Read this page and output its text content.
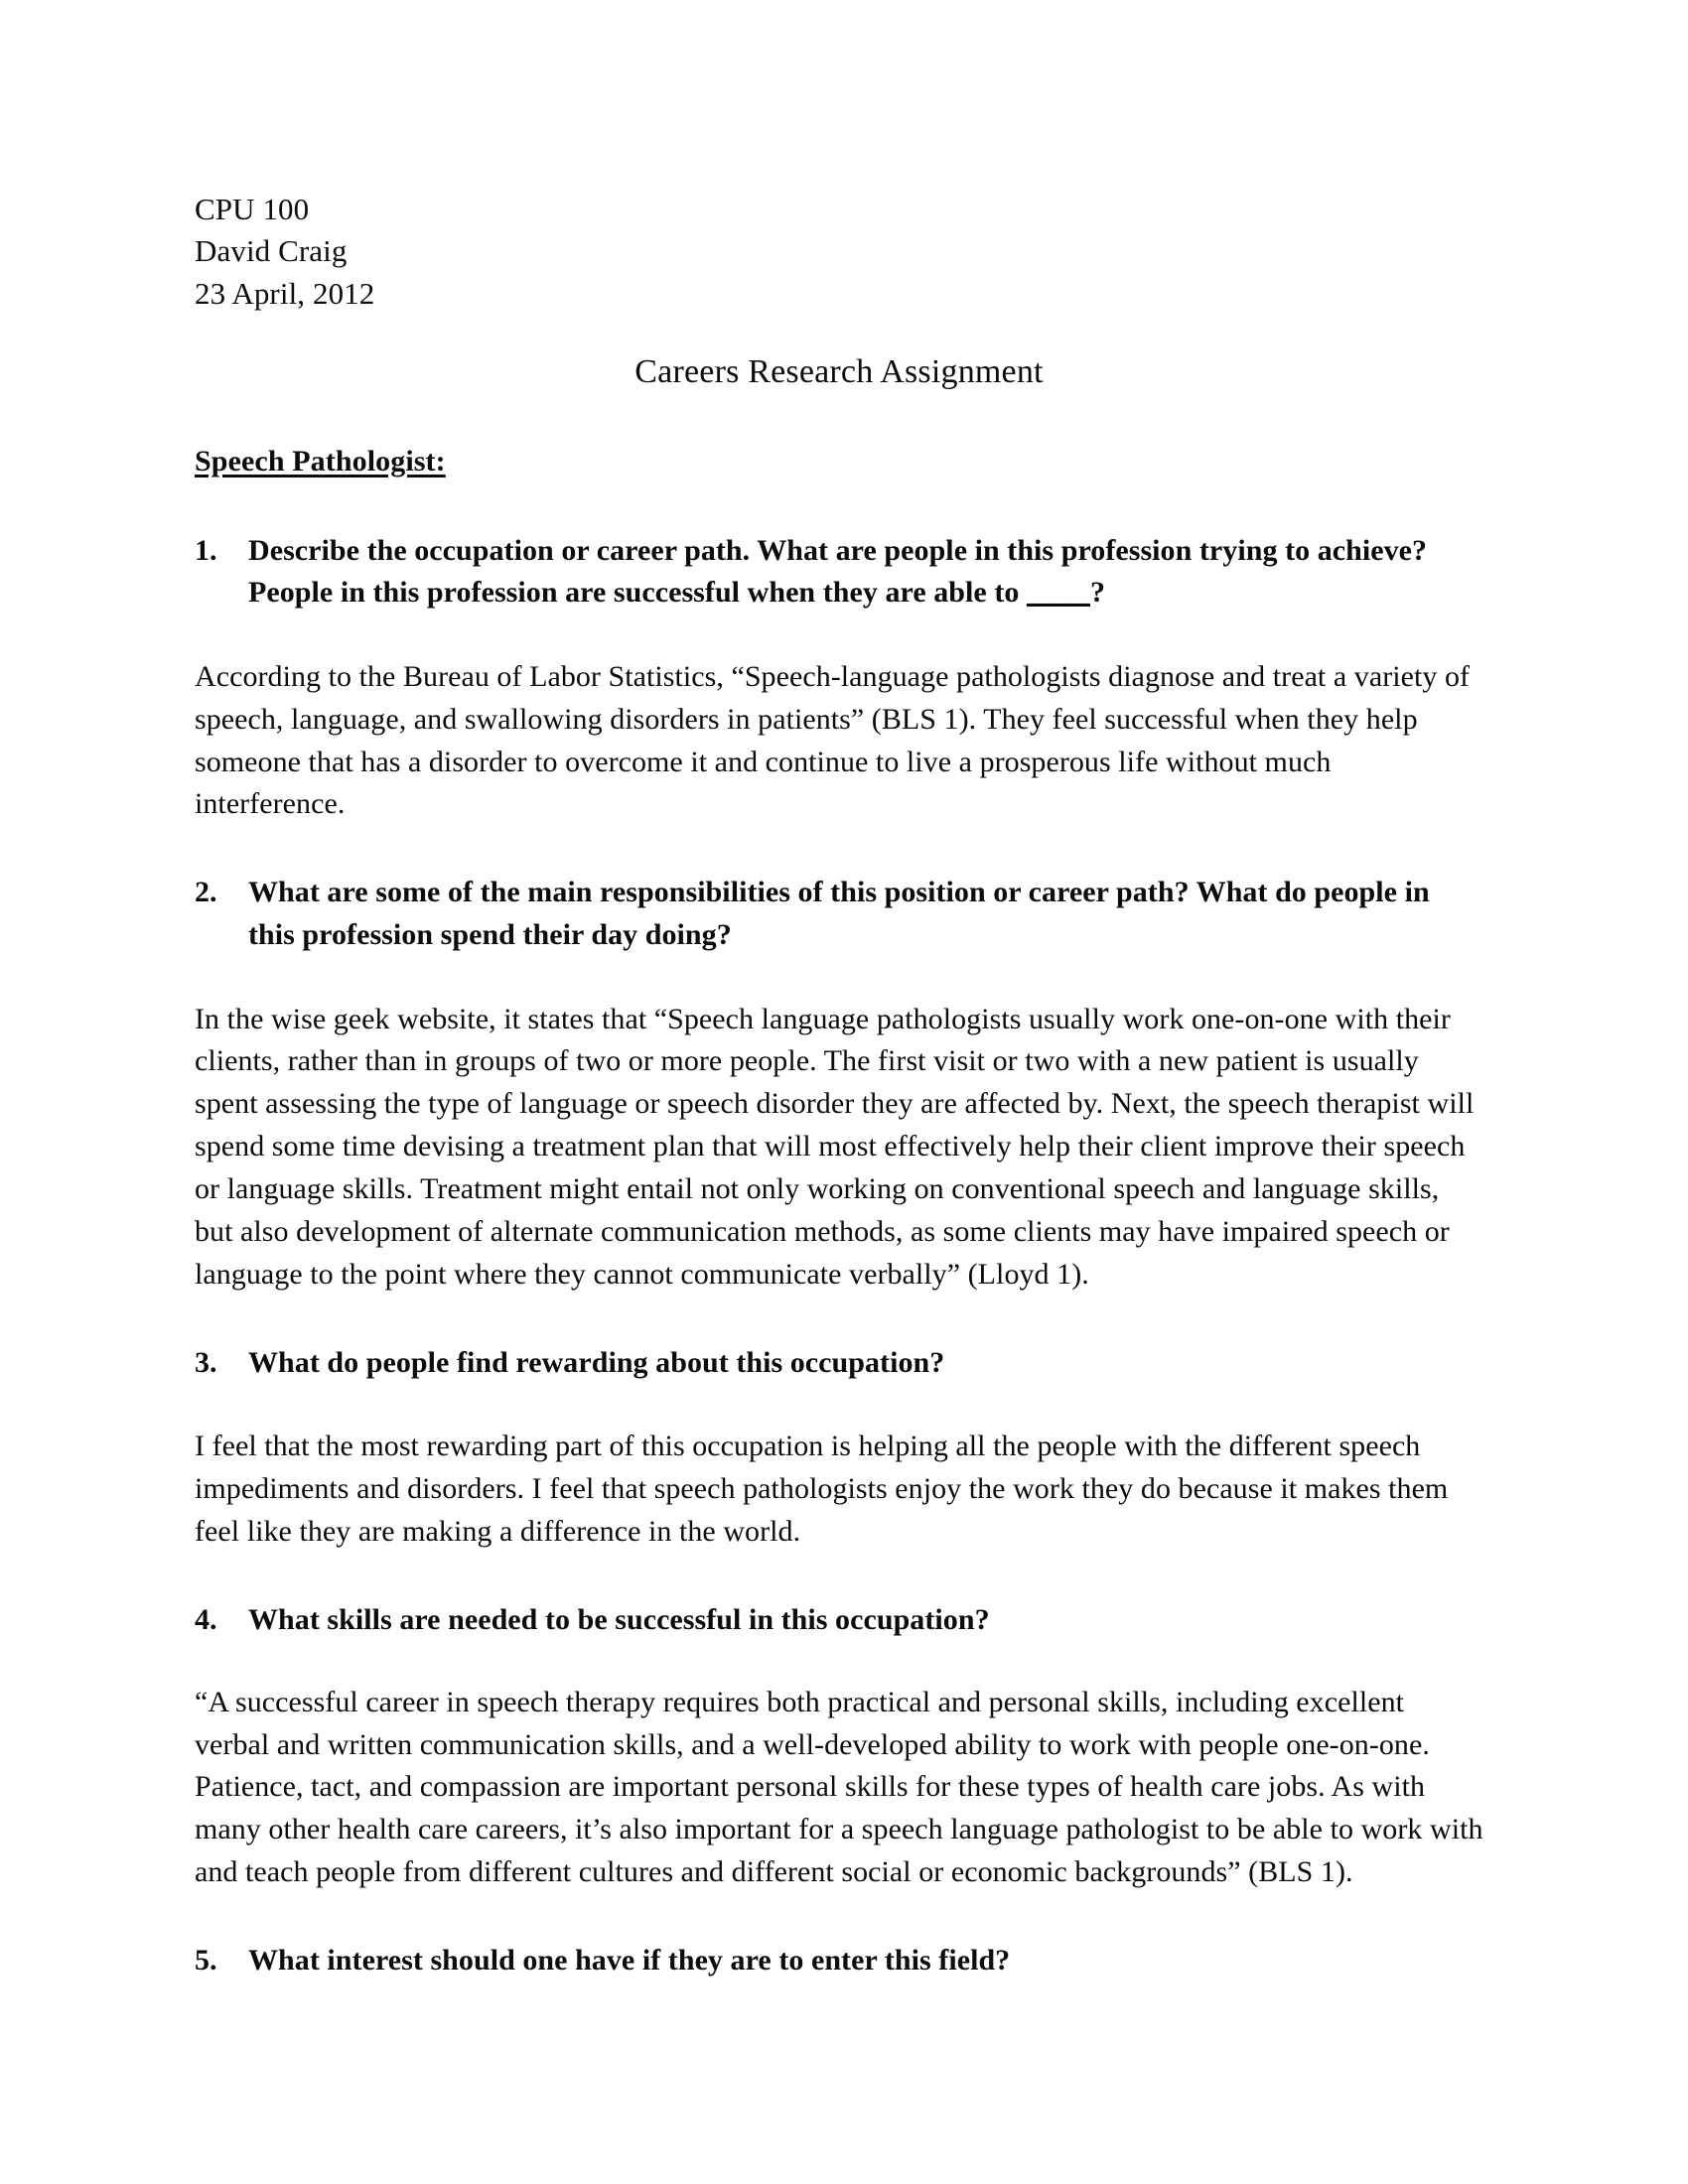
CPU 100
David Craig
23 April, 2012
Careers Research Assignment
Speech Pathologist:
1.	Describe the occupation or career path. What are people in this profession trying to achieve? People in this profession are successful when they are able to ____?

According to the Bureau of Labor Statistics, “Speech-language pathologists diagnose and treat a variety of speech, language, and swallowing disorders in patients” (BLS 1). They feel successful when they help someone that has a disorder to overcome it and continue to live a prosperous life without much interference.

2.	What are some of the main responsibilities of this position or career path? What do people in this profession spend their day doing?

In the wise geek website, it states that “Speech language pathologists usually work one-on-one with their clients, rather than in groups of two or more people. The first visit or two with a new patient is usually spent assessing the type of language or speech disorder they are affected by. Next, the speech therapist will spend some time devising a treatment plan that will most effectively help their client improve their speech or language skills. Treatment might entail not only working on conventional speech and language skills, but also development of alternate communication methods, as some clients may have impaired speech or language to the point where they cannot communicate verbally” (Lloyd 1).

3.	What do people find rewarding about this occupation?

I feel that the most rewarding part of this occupation is helping all the people with the different speech impediments and disorders. I feel that speech pathologists enjoy the work they do because it makes them feel like they are making a difference in the world.

4.	What skills are needed to be successful in this occupation?

“A successful career in speech therapy requires both practical and personal skills, including excellent verbal and written communication skills, and a well-developed ability to work with people one-on-one. Patience, tact, and compassion are important personal skills for these types of health care jobs. As with many other health care careers, it’s also important for a speech language pathologist to be able to work with and teach people from different cultures and different social or economic backgrounds” (BLS 1).

5.	What interest should one have if they are to enter this field?
